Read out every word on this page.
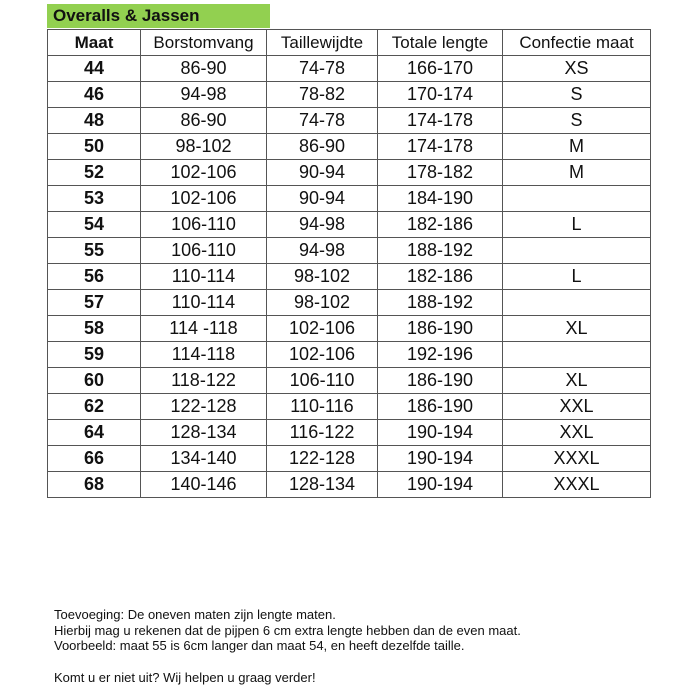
Overalls & Jassen
Maat	Borstomvang	Taillewijdte	Totale lengte	Confectie maat
44	86-90	74-78	166-170	XS
46	94-98	78-82	170-174	S
48	86-90	74-78	174-178	S
50	98-102	86-90	174-178	M
52	102-106	90-94	178-182	M
53	102-106	90-94	184-190	
54	106-110	94-98	182-186	L
55	106-110	94-98	188-192	
56	110-114	98-102	182-186	L
57	110-114	98-102	188-192	
58	114 -118	102-106	186-190	XL
59	114-118	102-106	192-196	
60	118-122	106-110	186-190	XL
62	122-128	110-116	186-190	XXL
64	128-134	116-122	190-194	XXL
66	134-140	122-128	190-194	XXXL
68	140-146	128-134	190-194	XXXL

Toevoeging: De oneven maten zijn lengte maten.

Hierbij mag u rekenen dat de pijpen 6 cm extra lengte hebben dan de even maat.

Voorbeeld: maat 55 is 6cm langer dan maat 54, en heeft dezelfde taille.

Komt u er niet uit? Wij helpen u graag verder!
